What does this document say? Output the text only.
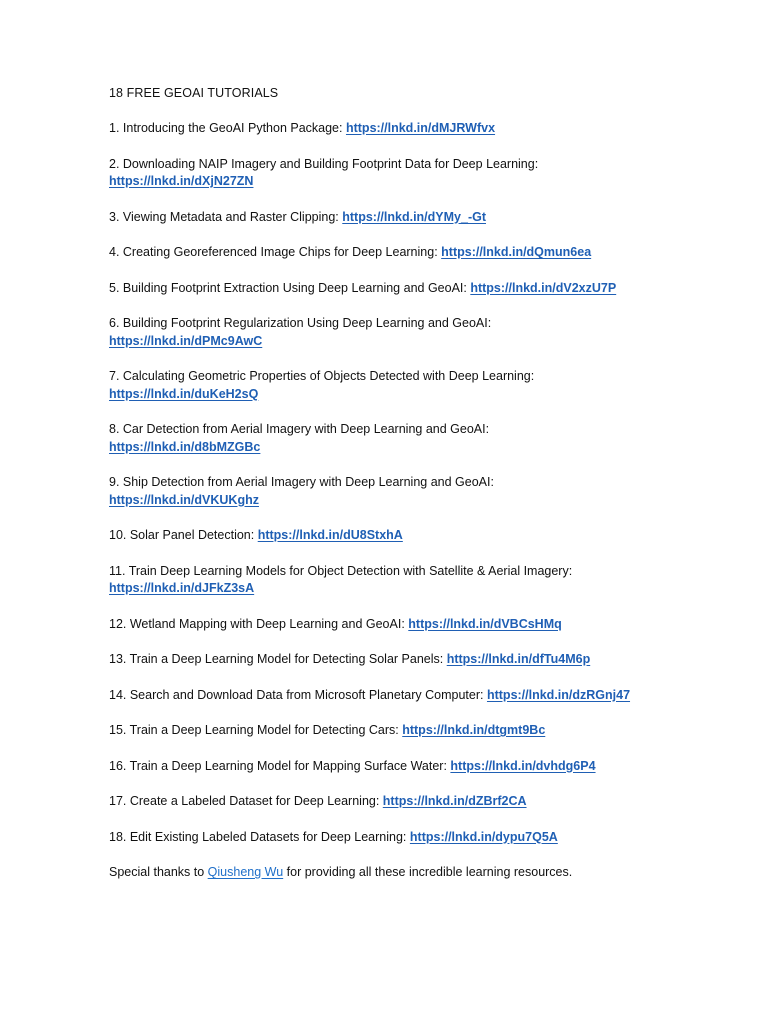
18 FREE GEOAI TUTORIALS
1. Introducing the GeoAI Python Package: https://lnkd.in/dMJRWfvx
2. Downloading NAIP Imagery and Building Footprint Data for Deep Learning:
https://lnkd.in/dXjN27ZN
3. Viewing Metadata and Raster Clipping: https://lnkd.in/dYMy_-Gt
4. Creating Georeferenced Image Chips for Deep Learning: https://lnkd.in/dQmun6ea
5. Building Footprint Extraction Using Deep Learning and GeoAI: https://lnkd.in/dV2xzU7P
6. Building Footprint Regularization Using Deep Learning and GeoAI:
https://lnkd.in/dPMc9AwC
7. Calculating Geometric Properties of Objects Detected with Deep Learning:
https://lnkd.in/duKeH2sQ
8. Car Detection from Aerial Imagery with Deep Learning and GeoAI:
https://lnkd.in/d8bMZGBc
9. Ship Detection from Aerial Imagery with Deep Learning and GeoAI:
https://lnkd.in/dVKUKghz
10. Solar Panel Detection: https://lnkd.in/dU8StxhA
11. Train Deep Learning Models for Object Detection with Satellite & Aerial Imagery:
https://lnkd.in/dJFkZ3sA
12. Wetland Mapping with Deep Learning and GeoAI: https://lnkd.in/dVBCsHMq
13. Train a Deep Learning Model for Detecting Solar Panels: https://lnkd.in/dfTu4M6p
14. Search and Download Data from Microsoft Planetary Computer: https://lnkd.in/dzRGnj47
15. Train a Deep Learning Model for Detecting Cars: https://lnkd.in/dtgmt9Bc
16. Train a Deep Learning Model for Mapping Surface Water: https://lnkd.in/dvhdg6P4
17. Create a Labeled Dataset for Deep Learning: https://lnkd.in/dZBrf2CA
18. Edit Existing Labeled Datasets for Deep Learning: https://lnkd.in/dypu7Q5A

Special thanks to Qiusheng Wu for providing all these incredible learning resources.
